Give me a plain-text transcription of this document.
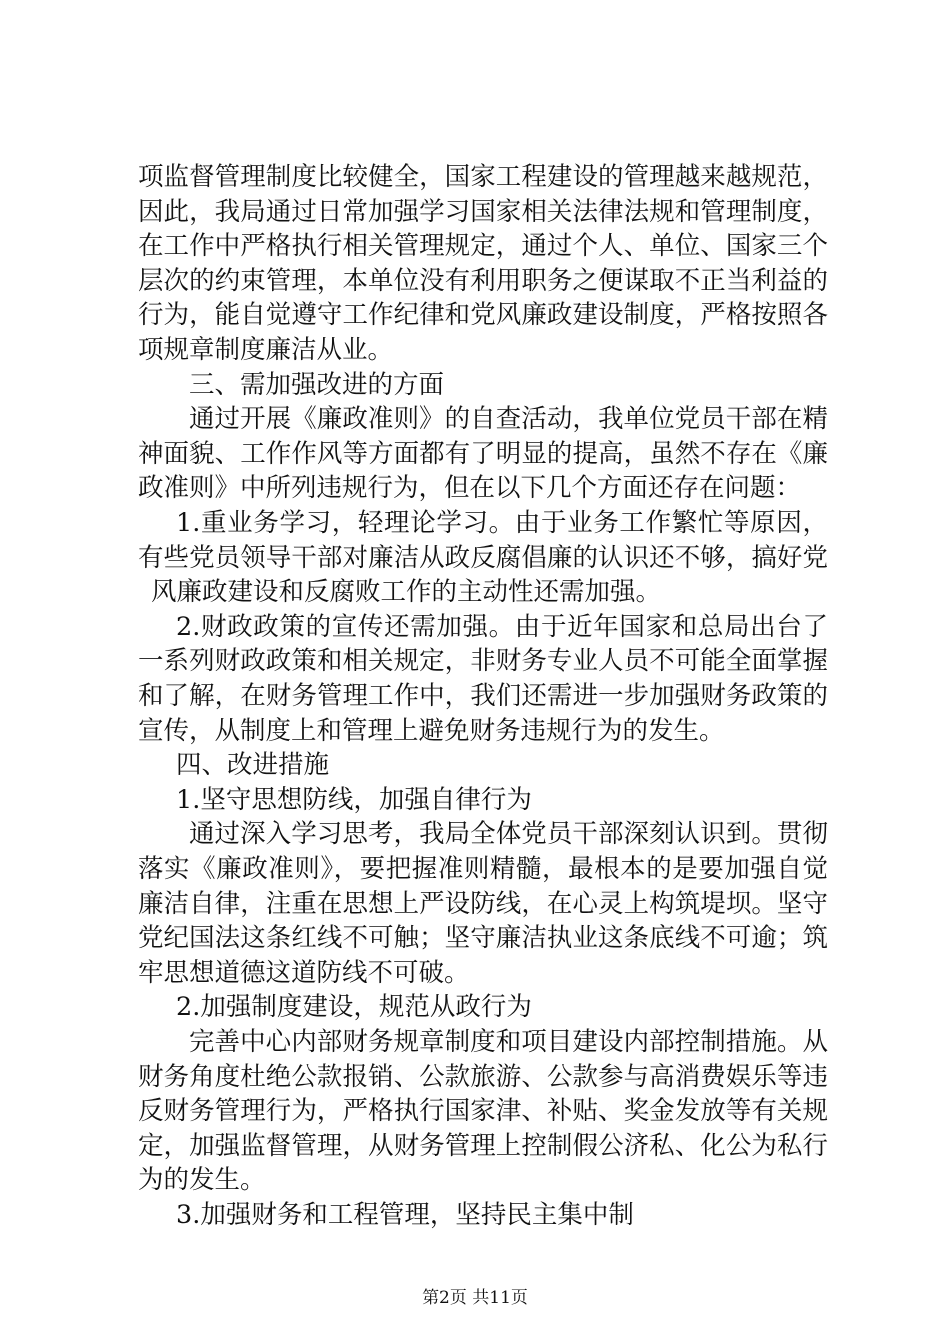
项监督管理制度比较健全，国家工程建设的管理越来越规范，
因此，我局通过日常加强学习国家相关法律法规和管理制度，
在工作中严格执行相关管理规定，通过个人、单位、国家三个
层次的约束管理，本单位没有利用职务之便谋取不正当利益的
行为，能自觉遵守工作纪律和党风廉政建设制度，严格按照各
项规章制度廉洁从业。
三、需加强改进的方面
通过开展《廉政准则》的自查活动，我单位党员干部在精
神面貌、工作作风等方面都有了明显的提高，虽然不存在《廉
政准则》中所列违规行为，但在以下几个方面还存在问题：
1.重业务学习，轻理论学习。由于业务工作繁忙等原因，
有些党员领导干部对廉洁从政反腐倡廉的认识还不够，搞好党
风廉政建设和反腐败工作的主动性还需加强。
2.财政政策的宣传还需加强。由于近年国家和总局出台了
一系列财政政策和相关规定，非财务专业人员不可能全面掌握
和了解，在财务管理工作中，我们还需进一步加强财务政策的
宣传，从制度上和管理上避免财务违规行为的发生。
四、改进措施
1.坚守思想防线，加强自律行为
通过深入学习思考，我局全体党员干部深刻认识到。贯彻
落实《廉政准则》，要把握准则精髓，最根本的是要加强自觉
廉洁自律，注重在思想上严设防线，在心灵上构筑堤坝。坚守
党纪国法这条红线不可触；坚守廉洁执业这条底线不可逾；筑
牢思想道德这道防线不可破。
2.加强制度建设，规范从政行为
完善中心内部财务规章制度和项目建设内部控制措施。从
财务角度杜绝公款报销、公款旅游、公款参与高消费娱乐等违
反财务管理行为，严格执行国家津、补贴、奖金发放等有关规
定，加强监督管理，从财务管理上控制假公济私、化公为私行
为的发生。
3.加强财务和工程管理，坚持民主集中制
第2页 共11页
